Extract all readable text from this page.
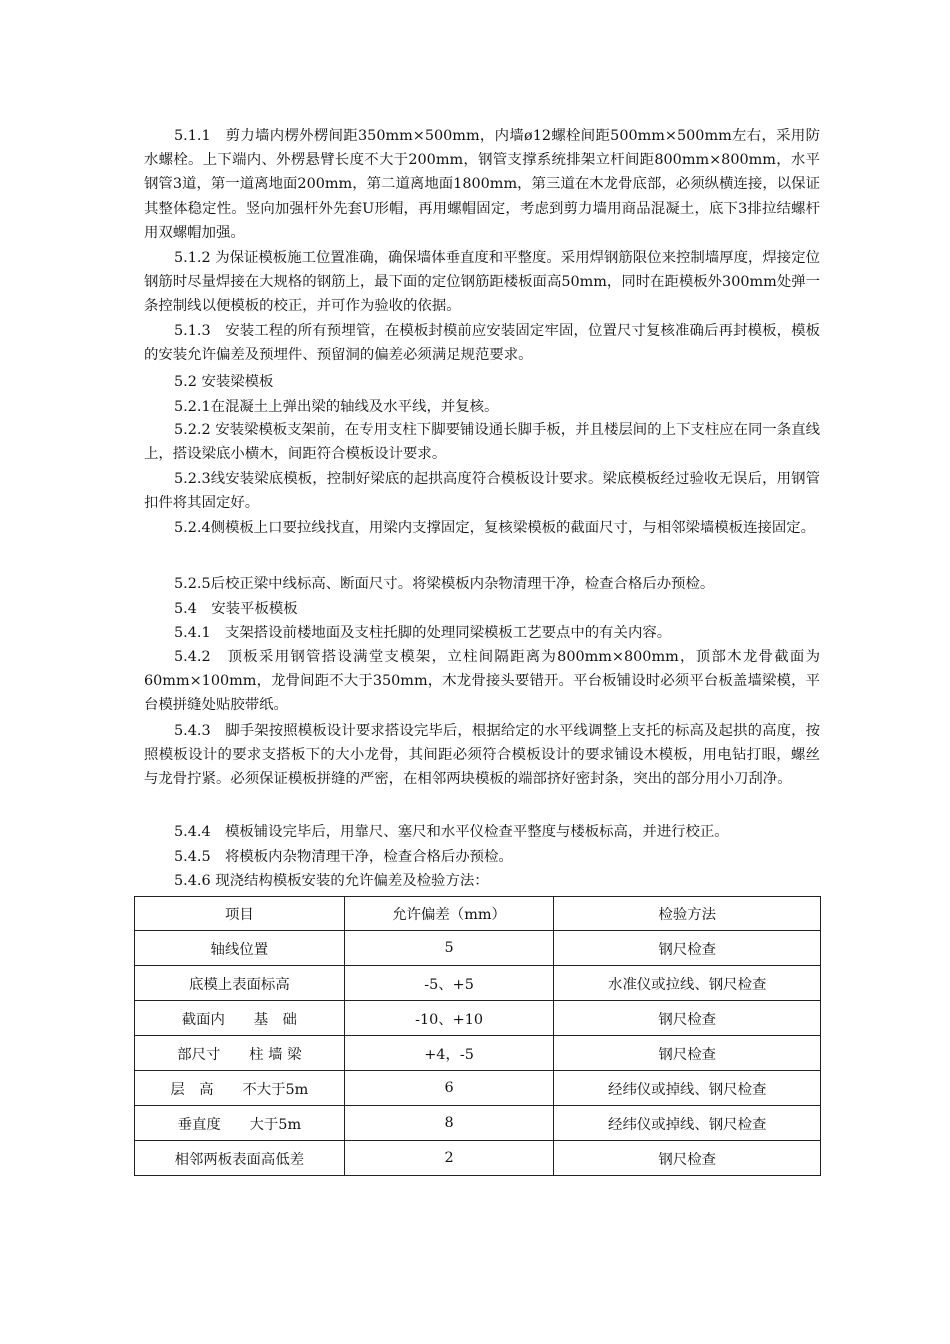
5.1.1　剪力墙内楞外楞间距350mm×500mm，内墙ø12螺栓间距500mm×500mm左右，采用防水螺栓。上下端内、外楞悬臂长度不大于200mm，钢管支撑系统排架立杆间距800mm×800mm，水平钢管3道，第一道离地面200mm，第二道离地面1800mm，第三道在木龙骨底部，必须纵横连接，以保证其整体稳定性。竖向加强杆外先套U形帽，再用螺帽固定，考虑到剪力墙用商品混凝土，底下3排拉结螺杆用双螺帽加强。

5.1.2 为保证模板施工位置准确，确保墙体垂直度和平整度。采用焊钢筋限位来控制墙厚度，焊接定位钢筋时尽量焊接在大规格的钢筋上，最下面的定位钢筋距楼板面高50mm，同时在距模板外300mm处弹一条控制线以便模板的校正，并可作为验收的依据。

5.1.3　安装工程的所有预埋管，在模板封模前应安装固定牢固，位置尺寸复核准确后再封模板，模板的安装允许偏差及预埋件、预留洞的偏差必须满足规范要求。

5.2 安装梁模板

5.2.1在混凝土上弹出梁的轴线及水平线，并复核。

5.2.2 安装梁模板支架前，在专用支柱下脚要铺设通长脚手板，并且楼层间的上下支柱应在同一条直线上，搭设梁底小横木，间距符合模板设计要求。

5.2.3线安装梁底模板，控制好梁底的起拱高度符合模板设计要求。梁底模板经过验收无误后，用钢管扣件将其固定好。

5.2.4侧模板上口要拉线找直，用梁内支撑固定，复核梁模板的截面尺寸，与相邻梁墙模板连接固定。

5.2.5后校正梁中线标高、断面尺寸。将梁模板内杂物清理干净，检查合格后办预检。

5.4　安装平板模板

5.4.1　支架搭设前楼地面及支柱托脚的处理同梁模板工艺要点中的有关内容。

5.4.2　顶板采用钢管搭设满堂支模架，立柱间隔距离为800mm×800mm，顶部木龙骨截面为60mm×100mm，龙骨间距不大于350mm，木龙骨接头要错开。平台板铺设时必须平台板盖墙梁模，平台模拼缝处贴胶带纸。

5.4.3　脚手架按照模板设计要求搭设完毕后，根据给定的水平线调整上支托的标高及起拱的高度，按照模板设计的要求支搭板下的大小龙骨，其间距必须符合模板设计的要求铺设木模板，用电钻打眼，螺丝与龙骨拧紧。必须保证模板拼缝的严密，在相邻两块模板的端部挤好密封条，突出的部分用小刀刮净。

5.4.4　模板铺设完毕后，用靠尺、塞尺和水平仪检查平整度与楼板标高，并进行校正。

5.4.5　将模板内杂物清理干净，检查合格后办预检。

5.4.6 现浇结构模板安装的允许偏差及检验方法：

项目	允许偏差（mm）	检验方法
轴线位置	5	钢尺检查
底模上表面标高	-5、+5	水准仪或拉线、钢尺检查
截面内　　基　础	-10、+10	钢尺检查
部尺寸　　柱 墙 梁	+4，-5	钢尺检查
层　高　　不大于5m	6	经纬仪或掉线、钢尺检查
垂直度　　大于5m	8	经纬仪或掉线、钢尺检查
相邻两板表面高低差	2	钢尺检查
